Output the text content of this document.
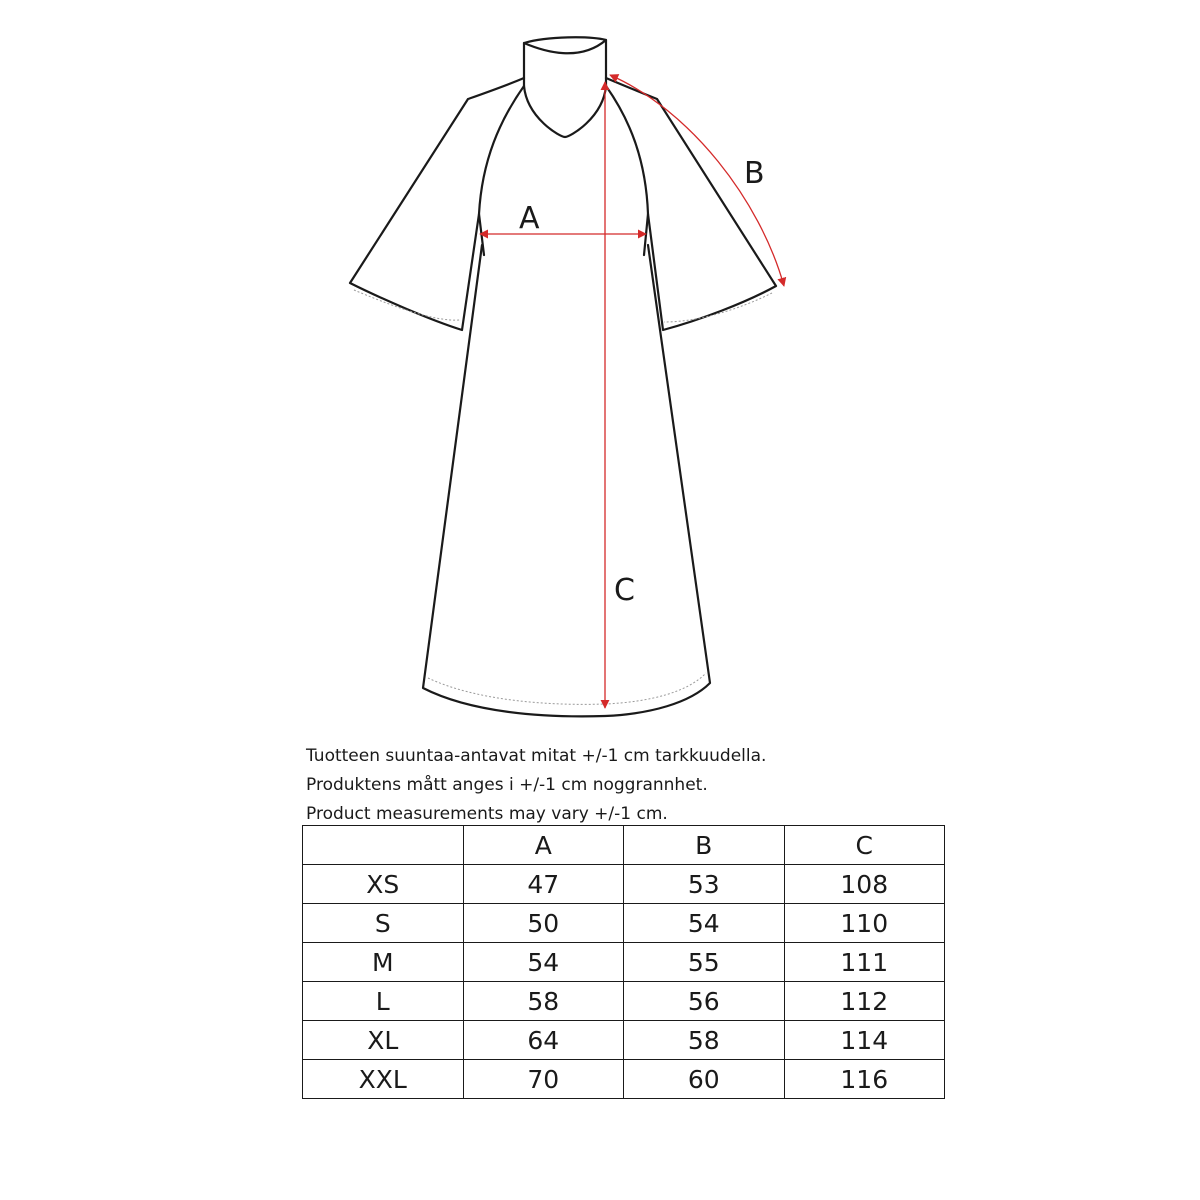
A
B
C
Tuotteen suuntaa-antavat mitat +/-1 cm tarkkuudella.
Produktens mått anges i +/-1 cm noggrannhet.
Product measurements may vary +/-1 cm.
	A	B	C
XS	47	53	108
S	50	54	110
M	54	55	111
L	58	56	112
XL	64	58	114
XXL	70	60	116
